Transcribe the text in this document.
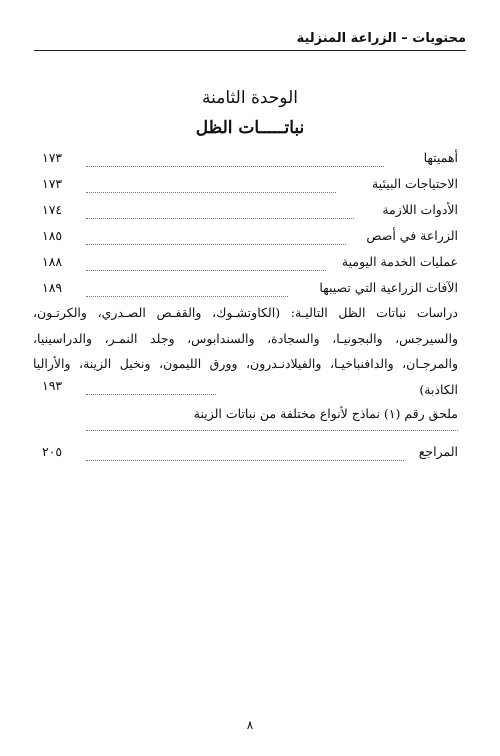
محتويات – الزراعة المنزلية
الوحدة الثامنة
نباتـــــات الظل
أهميتها
١٧٣
الاحتياجات البيئية
١٧٣
الأدوات اللازمة
١٧٤
الزراعة في أصص
١٨٥
عمليات الخدمة اليومية
١٨٨
الآفات الزراعية التي تصيبها
١٨٩
دراسات نباتات الظل التاليـة: (الكاوتشـوك، والقفـص الصـدري، والكرتـون، والسيرجس، والبجونيـا، والسجادة، والسندابوس، وجلد النمـر، والدراسينيا، والمرجـان، والدافنباخيـا، والفيلادنـدرون، وورق الليمون، ونخيل الزينة، والأراليا الكاذبة)
١٩٣
ملحق رقم (١) نماذج لأنواع مختلفة من نباتات الزينة
المراجع
٢٠٥
٨
